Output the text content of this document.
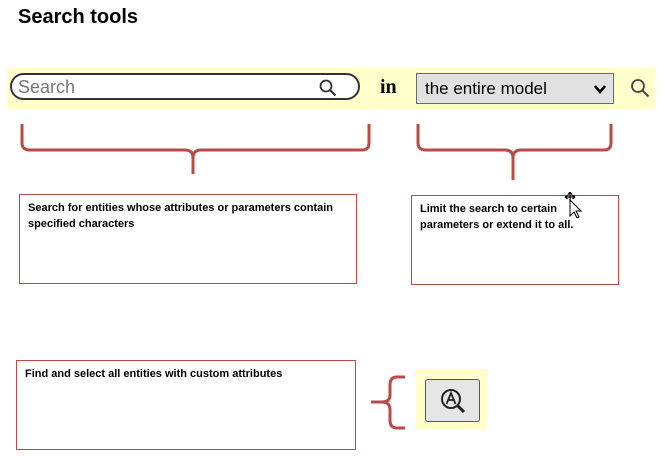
Search tools
Search
in the entire model
Search for entities whose attributes or parameters contain specified characters
Limit the search to certain parameters or extend it to all.
Find and select all entities with custom attributes
